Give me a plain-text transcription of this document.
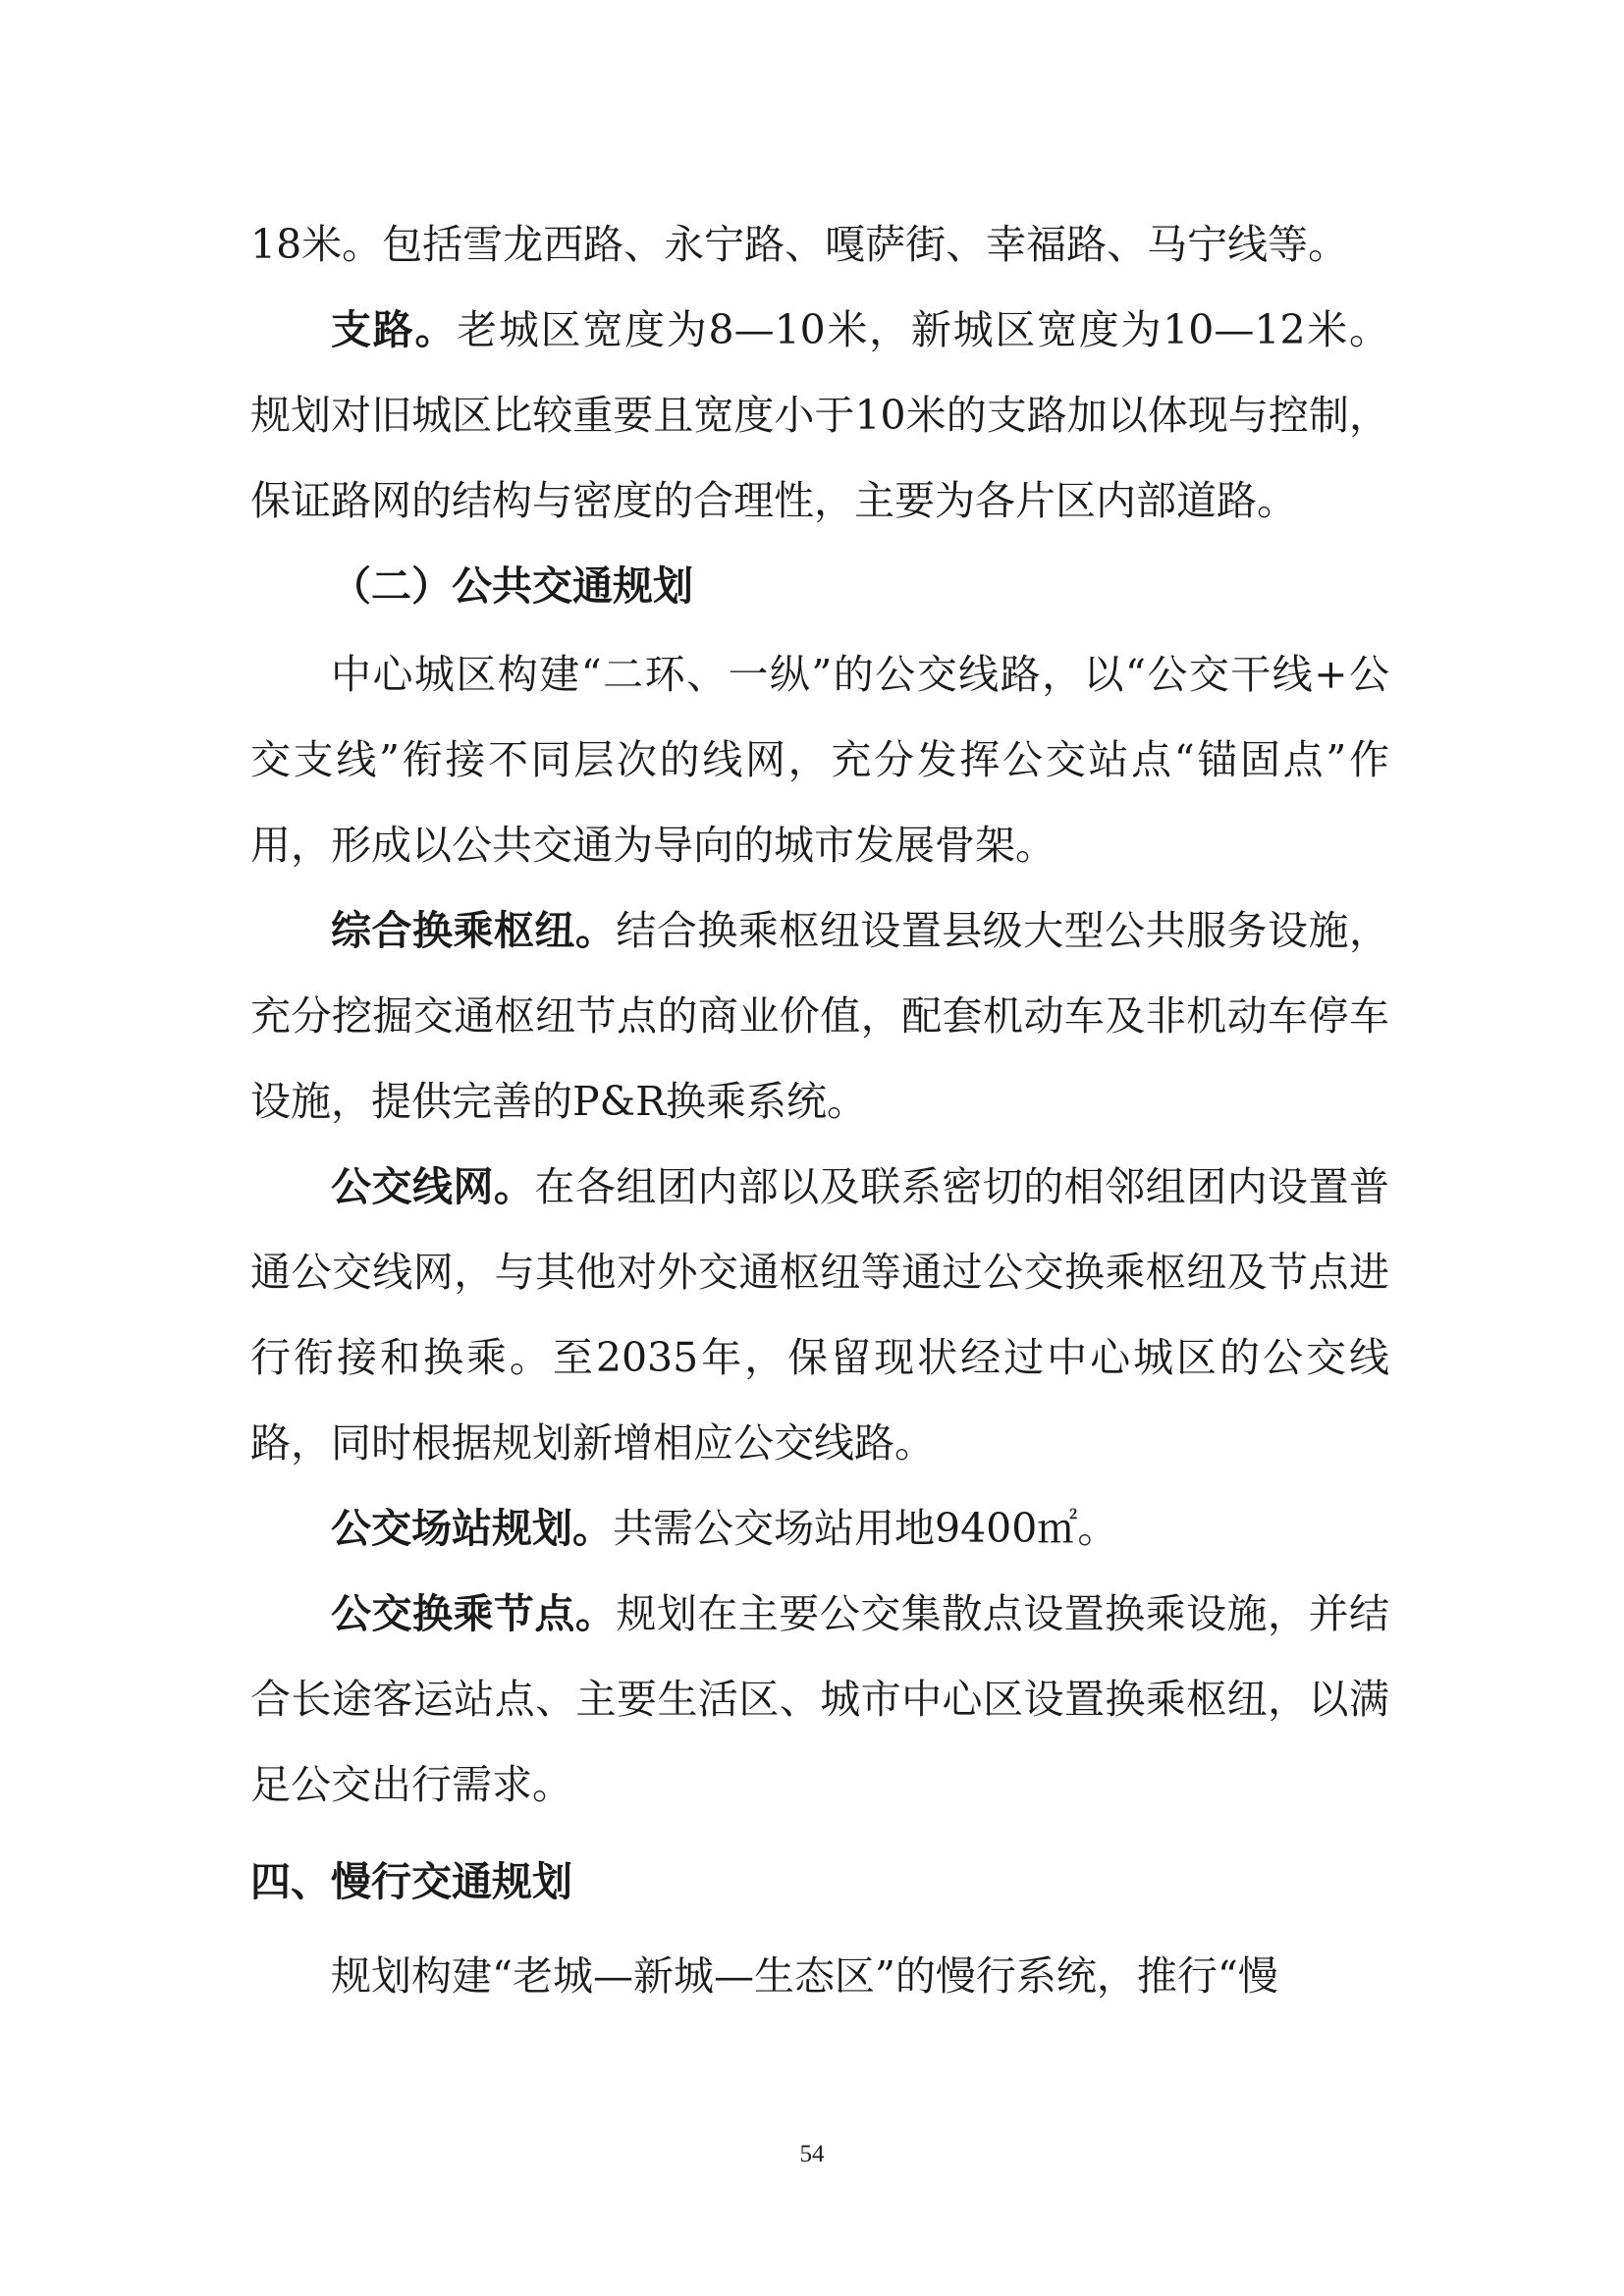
18米。包括雪龙西路、永宁路、嘎萨街、幸福路、马宁线等。

支路。老城区宽度为8—10米，新城区宽度为10—12米。规划对旧城区比较重要且宽度小于10米的支路加以体现与控制，保证路网的结构与密度的合理性，主要为各片区内部道路。

（二）公共交通规划

中心城区构建“二环、一纵”的公交线路，以“公交干线+公交支线”衔接不同层次的线网，充分发挥公交站点“锚固点”作用，形成以公共交通为导向的城市发展骨架。

综合换乘枢纽。结合换乘枢纽设置县级大型公共服务设施，充分挖掘交通枢纽节点的商业价值，配套机动车及非机动车停车设施，提供完善的P&R换乘系统。

公交线网。在各组团内部以及联系密切的相邻组团内设置普通公交线网，与其他对外交通枢纽等通过公交换乘枢纽及节点进行衔接和换乘。至2035年，保留现状经过中心城区的公交线路，同时根据规划新增相应公交线路。

公交场站规划。共需公交场站用地9400㎡。

公交换乘节点。规划在主要公交集散点设置换乘设施，并结合长途客运站点、主要生活区、城市中心区设置换乘枢纽，以满足公交出行需求。

四、慢行交通规划

规划构建“老城—新城—生态区”的慢行系统，推行“慢

54
